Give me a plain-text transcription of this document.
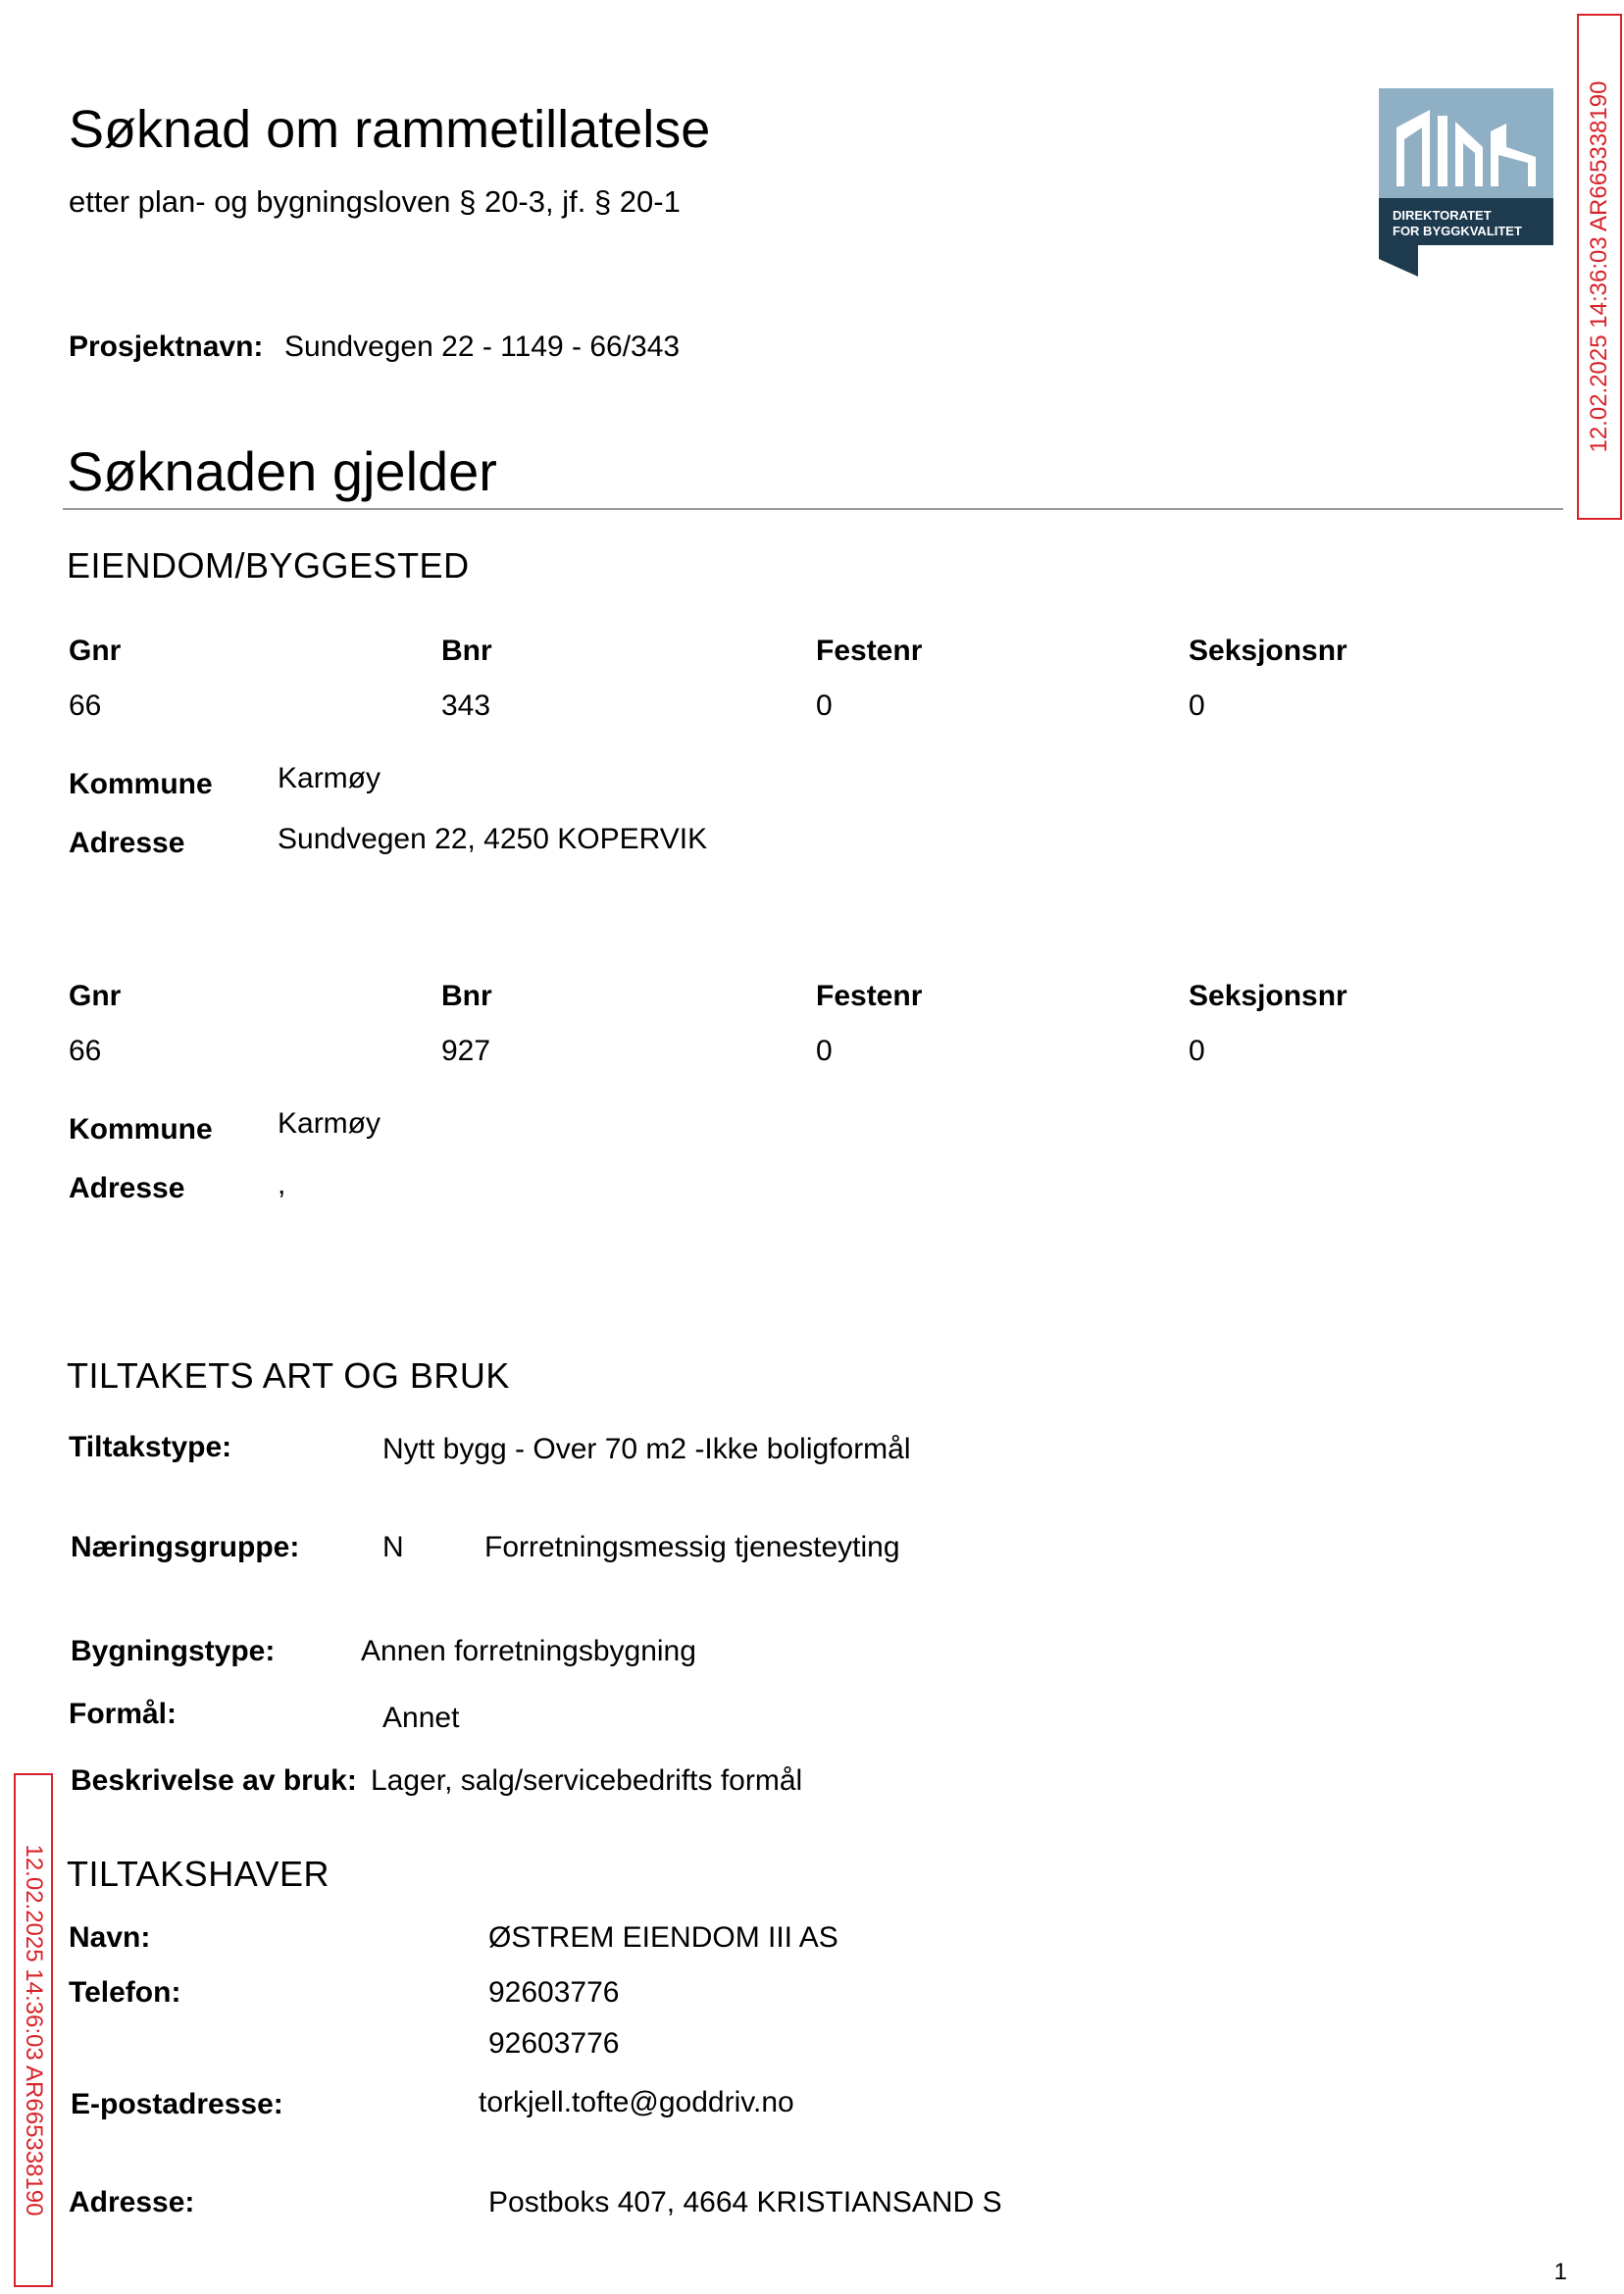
Søknad om rammetillatelse
etter plan- og bygningsloven § 20-3, jf. § 20-1	DIREKTORATET
FOR BYGGKVALITET	12.02.2025 14:36:03 AR665338190
12.02.2025 14:36:03 AR665338190
Prosjektnavn: Sundvegen 22 - 1149 - 66/343
Søknaden gjelder
EIENDOM/BYGGESTED
Gnr	Bnr	Festenr	Seksjonsnr
66	343	0	0
Kommune Karmøy
Adresse	Sundvegen 22, 4250 KOPERVIK
Gnr	Bnr	Festenr	Seksjonsnr
66	927	0	0
Kommune Karmøy
Adresse	,
TILTAKETS ART OG BRUK
Tiltakstype:	Nytt bygg - Over 70 m2 -Ikke boligformål
Næringsgruppe:	N	Forretningsmessig tjenesteyting
Bygningstype:	Annen forretningsbygning
Formål:	Annet
Beskrivelse av bruk: Lager, salg/servicebedrifts formål
TILTAKSHAVER
Navn:	ØSTREM EIENDOM III AS
Telefon:	92603776
92603776
E-postadresse:	torkjell.tofte@goddriv.no
Adresse:	Postboks 407, 4664 KRISTIANSAND S
1
